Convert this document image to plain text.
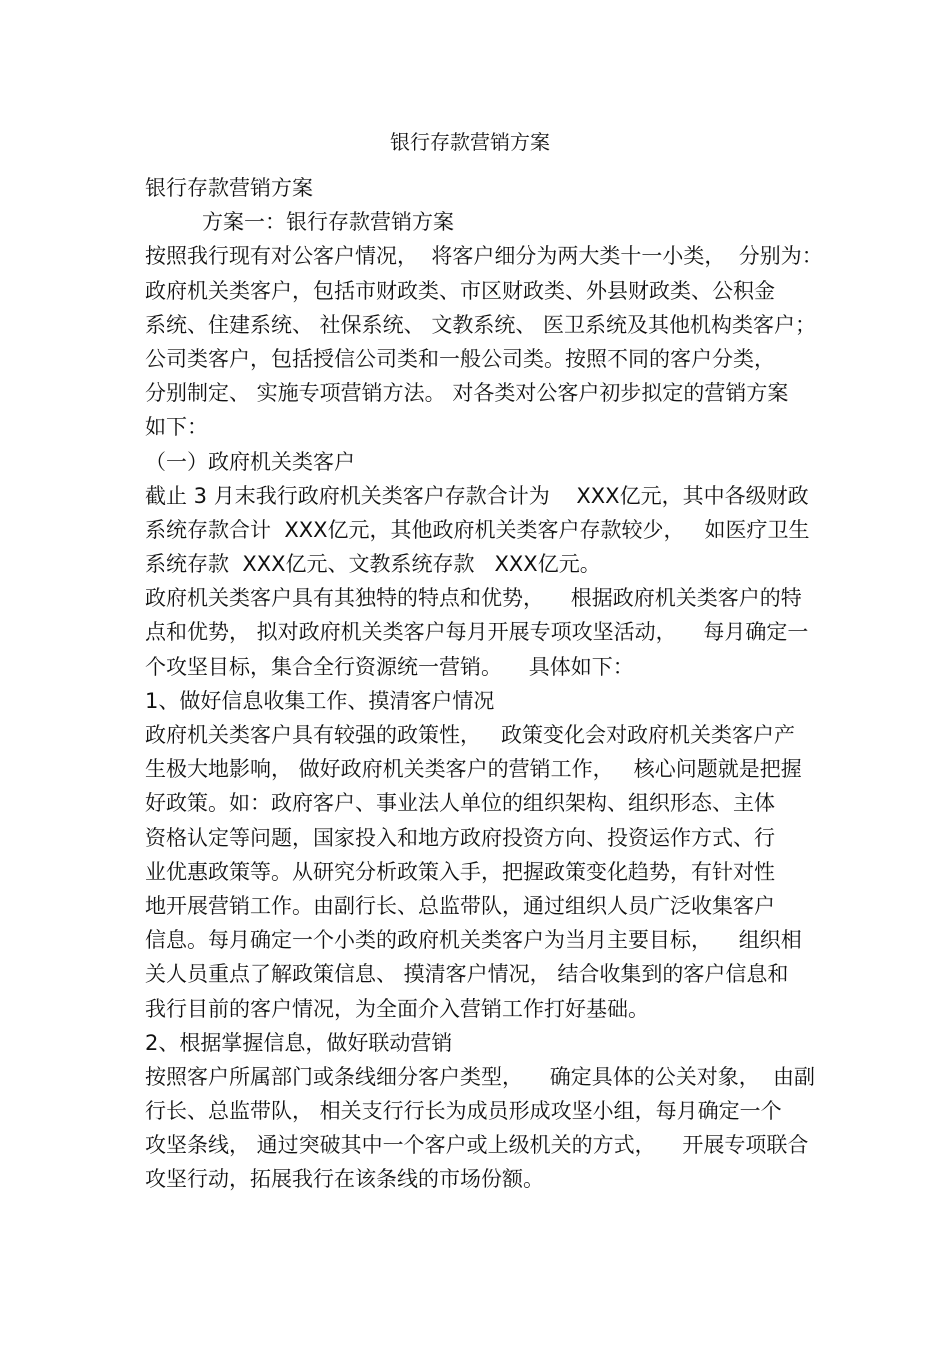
银行存款营销方案
银行存款营销方案
方案一：银行存款营销方案
按照我行现有对公客户情况，  将客户细分为两大类十一小类，  分别为：
政府机关类客户，包括市财政类、市区财政类、外县财政类、公积金
系统、住建系统、 社保系统、 文教系统、 医卫系统及其他机构类客户；
公司类客户，包括授信公司类和一般公司类。按照不同的客户分类，
分别制定、 实施专项营销方法。 对各类对公客户初步拟定的营销方案
如下：
（一）政府机关类客户
截止 3 月末我行政府机关类客户存款合计为    XXX亿元，其中各级财政
系统存款合计  XXX亿元，其他政府机关类客户存款较少，   如医疗卫生
系统存款  XXX亿元、文教系统存款   XXX亿元。
政府机关类客户具有其独特的特点和优势，    根据政府机关类客户的特
点和优势， 拟对政府机关类客户每月开展专项攻坚活动，    每月确定一
个攻坚目标，集合全行资源统一营销。    具体如下：
1、做好信息收集工作、摸清客户情况
政府机关类客户具有较强的政策性，   政策变化会对政府机关类客户产
生极大地影响， 做好政府机关类客户的营销工作，   核心问题就是把握
好政策。如：政府客户、事业法人单位的组织架构、组织形态、主体
资格认定等问题，国家投入和地方政府投资方向、投资运作方式、行
业优惠政策等。从研究分析政策入手，把握政策变化趋势，有针对性
地开展营销工作。由副行长、总监带队，通过组织人员广泛收集客户
信息。每月确定一个小类的政府机关类客户为当月主要目标，    组织相
关人员重点了解政策信息、 摸清客户情况， 结合收集到的客户信息和
我行目前的客户情况，为全面介入营销工作打好基础。
2、根据掌握信息，做好联动营销
按照客户所属部门或条线细分客户类型，    确定具体的公关对象，  由副
行长、总监带队， 相关支行行长为成员形成攻坚小组，每月确定一个
攻坚条线， 通过突破其中一个客户或上级机关的方式，    开展专项联合
攻坚行动，拓展我行在该条线的市场份额。
